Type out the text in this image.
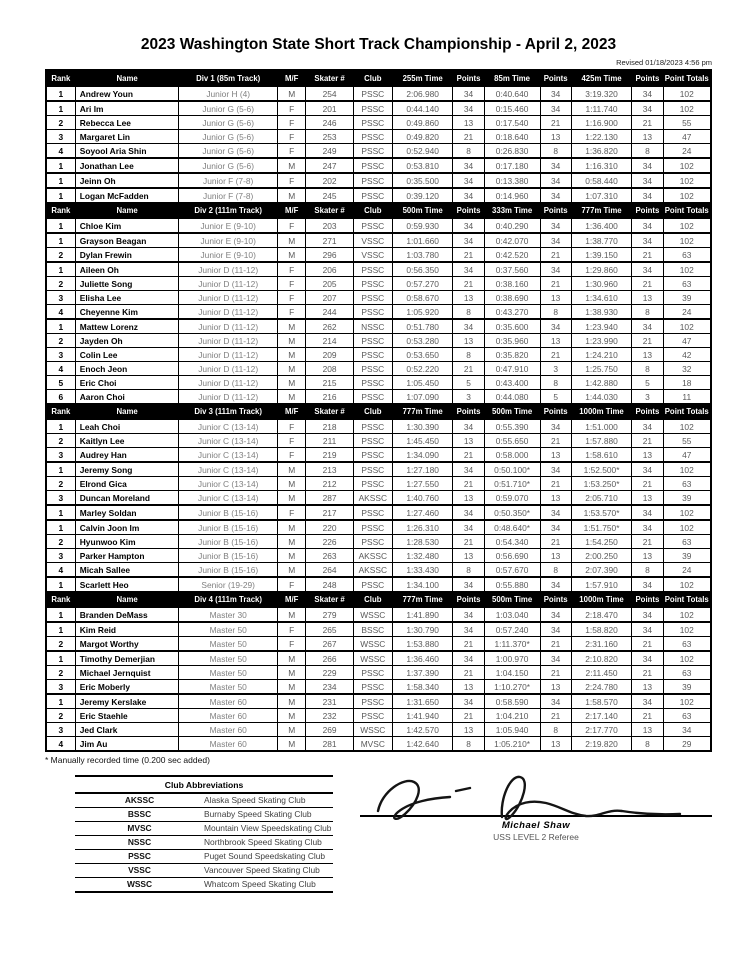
2023 Washington State Short Track Championship - April 2, 2023
Revised 01/18/2023 4:56 pm
Rank	Name	Div 1 (85m Track)	M/F	Skater #	Club	255m Time	Points	85m Time	Points	425m Time	Points	Point Totals
1	Andrew Youn	Junior H (4)	M	254	PSSC	2:06.980	34	0:40.640	34	3:19.320	34	102
1	Ari Im	Junior G (5-6)	F	201	PSSC	0:44.140	34	0:15.460	34	1:11.740	34	102
2	Rebecca Lee	Junior G (5-6)	F	246	PSSC	0:49.860	13	0:17.540	21	1:16.900	21	55
3	Margaret Lin	Junior G (5-6)	F	253	PSSC	0:49.820	21	0:18.640	13	1:22.130	13	47
4	Soyool Aria Shin	Junior G (5-6)	F	249	PSSC	0:52.940	8	0:26.830	8	1:36.820	8	24
1	Jonathan Lee	Junior G (5-6)	M	247	PSSC	0:53.810	34	0:17.180	34	1:16.310	34	102
1	Jeinn Oh	Junior F (7-8)	F	202	PSSC	0:35.500	34	0:13.380	34	0:58.440	34	102
1	Logan McFadden	Junior F (7-8)	M	245	PSSC	0:39.120	34	0:14.960	34	1:07.310	34	102
Rank	Name	Div 2 (111m Track)	M/F	Skater #	Club	500m Time	Points	333m Time	Points	777m Time	Points	Point Totals
1	Chloe Kim	Junior E (9-10)	F	203	PSSC	0:59.930	34	0:40.290	34	1:36.400	34	102
1	Grayson Beagan	Junior E (9-10)	M	271	VSSC	1:01.660	34	0:42.070	34	1:38.770	34	102
2	Dylan Frewin	Junior E (9-10)	M	296	VSSC	1:03.780	21	0:42.520	21	1:39.150	21	63
1	Aileen Oh	Junior D (11-12)	F	206	PSSC	0:56.350	34	0:37.560	34	1:29.860	34	102
2	Juliette Song	Junior D (11-12)	F	205	PSSC	0:57.270	21	0:38.160	21	1:30.960	21	63
3	Elisha Lee	Junior D (11-12)	F	207	PSSC	0:58.670	13	0:38.690	13	1:34.610	13	39
4	Cheyenne Kim	Junior D (11-12)	F	244	PSSC	1:05.920	8	0:43.270	8	1:38.930	8	24
1	Mattew Lorenz	Junior D (11-12)	M	262	NSSC	0:51.780	34	0:35.600	34	1:23.940	34	102
2	Jayden Oh	Junior D (11-12)	M	214	PSSC	0:53.280	13	0:35.960	13	1:23.990	21	47
3	Colin Lee	Junior D (11-12)	M	209	PSSC	0:53.650	8	0:35.820	21	1:24.210	13	42
4	Enoch Jeon	Junior D (11-12)	M	208	PSSC	0:52.220	21	0:47.910	3	1:25.750	8	32
5	Eric Choi	Junior D (11-12)	M	215	PSSC	1:05.450	5	0:43.400	8	1:42.880	5	18
6	Aaron Choi	Junior D (11-12)	M	216	PSSC	1:07.090	3	0:44.080	5	1:44.030	3	11
Rank	Name	Div 3 (111m Track)	M/F	Skater #	Club	777m Time	Points	500m Time	Points	1000m Time	Points	Point Totals
1	Leah Choi	Junior C (13-14)	F	218	PSSC	1:30.390	34	0:55.390	34	1:51.000	34	102
2	Kaitlyn Lee	Junior C (13-14)	F	211	PSSC	1:45.450	13	0:55.650	21	1:57.880	21	55
3	Audrey Han	Junior C (13-14)	F	219	PSSC	1:34.090	21	0:58.000	13	1:58.610	13	47
1	Jeremy Song	Junior C (13-14)	M	213	PSSC	1:27.180	34	0:50.100*	34	1:52.500*	34	102
2	Elrond Gica	Junior C (13-14)	M	212	PSSC	1:27.550	21	0:51.710*	21	1:53.250*	21	63
3	Duncan Moreland	Junior C (13-14)	M	287	AKSSC	1:40.760	13	0:59.070	13	2:05.710	13	39
1	Marley Soldan	Junior B (15-16)	F	217	PSSC	1:27.460	34	0:50.350*	34	1:53.570*	34	102
1	Calvin Joon Im	Junior B (15-16)	M	220	PSSC	1:26.310	34	0:48.640*	34	1:51.750*	34	102
2	Hyunwoo Kim	Junior B (15-16)	M	226	PSSC	1:28.530	21	0:54.340	21	1:54.250	21	63
3	Parker Hampton	Junior B (15-16)	M	263	AKSSC	1:32.480	13	0:56.690	13	2:00.250	13	39
4	Micah Sallee	Junior B (15-16)	M	264	AKSSC	1:33.430	8	0:57.670	8	2:07.390	8	24
1	Scarlett Heo	Senior (19-29)	F	248	PSSC	1:34.100	34	0:55.880	34	1:57.910	34	102
Rank	Name	Div 4 (111m Track)	M/F	Skater #	Club	777m Time	Points	500m Time	Points	1000m Time	Points	Point Totals
1	Branden DeMass	Master 30	M	279	WSSC	1:41.890	34	1:03.040	34	2:18.470	34	102
1	Kim Reid	Master 50	F	265	BSSC	1:30.790	34	0:57.240	34	1:58.820	34	102
2	Margot Worthy	Master 50	F	267	WSSC	1:53.880	21	1:11.370*	21	2:31.160	21	63
1	Timothy Demerjian	Master 50	M	266	WSSC	1:36.460	34	1:00.970	34	2:10.820	34	102
2	Michael Jernquist	Master 50	M	229	PSSC	1:37.390	21	1:04.150	21	2:11.450	21	63
3	Eric Moberly	Master 50	M	234	PSSC	1:58.340	13	1:10.270*	13	2:24.780	13	39
1	Jeremy Kerslake	Master 60	M	231	PSSC	1:31.650	34	0:58.590	34	1:58.570	34	102
2	Eric Staehle	Master 60	M	232	PSSC	1:41.940	21	1:04.210	21	2:17.140	21	63
3	Jed Clark	Master 60	M	269	WSSC	1:42.570	13	1:05.940	8	2:17.770	13	34
4	Jim Au	Master 60	M	281	MVSC	1:42.640	8	1:05.210*	13	2:19.820	8	29
* Manually recorded time (0.200 sec added)
Club Abbreviations	
AKSSC	Alaska Speed Skating Club
BSSC	Burnaby Speed Skating Club
MVSC	Mountain View Speedskating Club
NSSC	Northbrook Speed Skating Club
PSSC	Puget Sound Speedskating Club
VSSC	Vancouver Speed Skating Club
WSSC	Whatcom Speed Skating Club
Michael Shaw
USS LEVEL 2 Referee
